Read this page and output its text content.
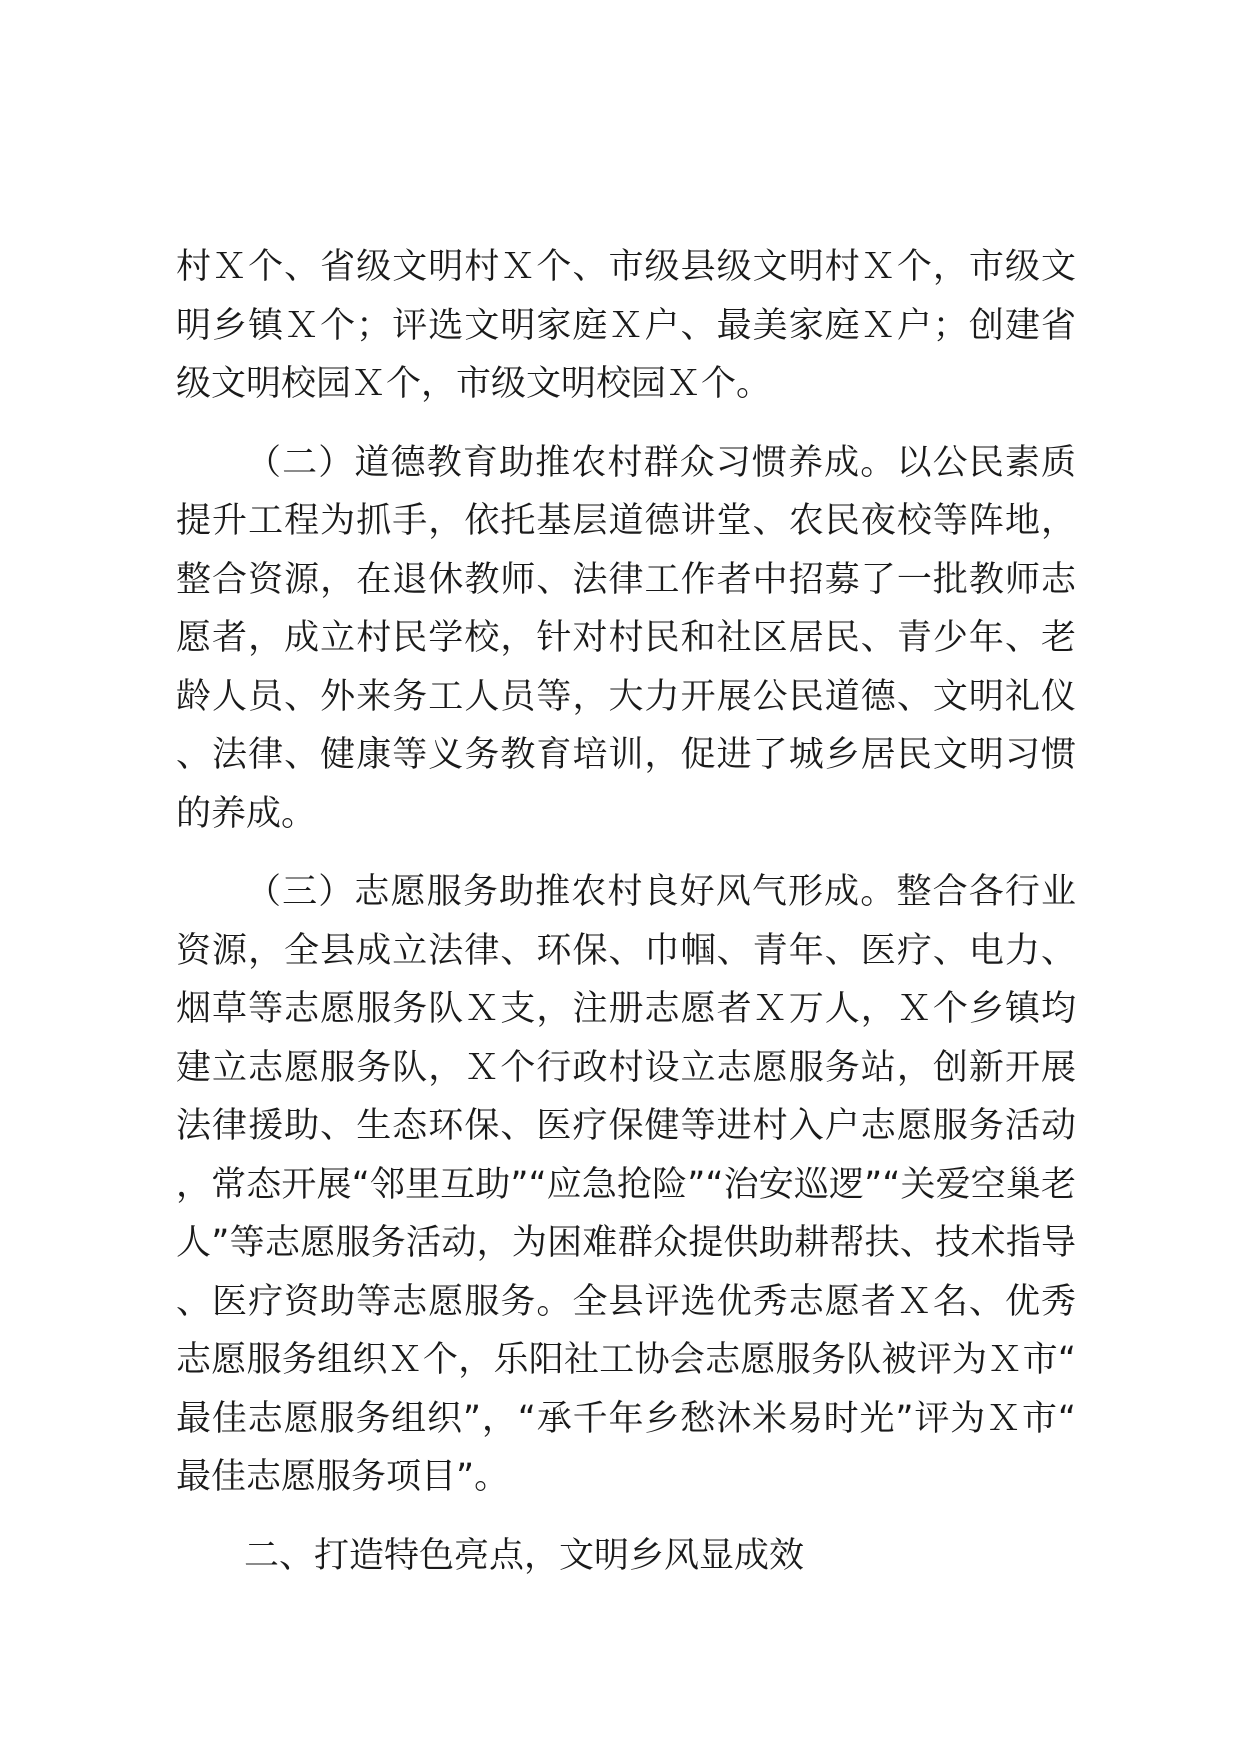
村Ｘ个、省级文明村Ｘ个、市级县级文明村Ｘ个，市级文明乡镇Ｘ个；评选文明家庭Ｘ户、最美家庭Ｘ户；创建省级文明校园Ｘ个，市级文明校园Ｘ个。

（二）道德教育助推农村群众习惯养成。以公民素质提升工程为抓手，依托基层道德讲堂、农民夜校等阵地，整合资源，在退休教师、法律工作者中招募了一批教师志愿者，成立村民学校，针对村民和社区居民、青少年、老龄人员、外来务工人员等，大力开展公民道德、文明礼仪、法律、健康等义务教育培训，促进了城乡居民文明习惯的养成。

（三）志愿服务助推农村良好风气形成。整合各行业资源，全县成立法律、环保、巾帼、青年、医疗、电力、烟草等志愿服务队Ｘ支，注册志愿者Ｘ万人，Ｘ个乡镇均建立志愿服务队，Ｘ个行政村设立志愿服务站，创新开展法律援助、生态环保、医疗保健等进村入户志愿服务活动，常态开展“邻里互助”“应急抢险”“治安巡逻”“关爱空巢老人”等志愿服务活动，为困难群众提供助耕帮扶、技术指导、医疗资助等志愿服务。全县评选优秀志愿者Ｘ名、优秀志愿服务组织Ｘ个，乐阳社工协会志愿服务队被评为Ｘ市“最佳志愿服务组织”，“承千年乡愁沐米易时光”评为Ｘ市“最佳志愿服务项目”。

二、打造特色亮点，文明乡风显成效
